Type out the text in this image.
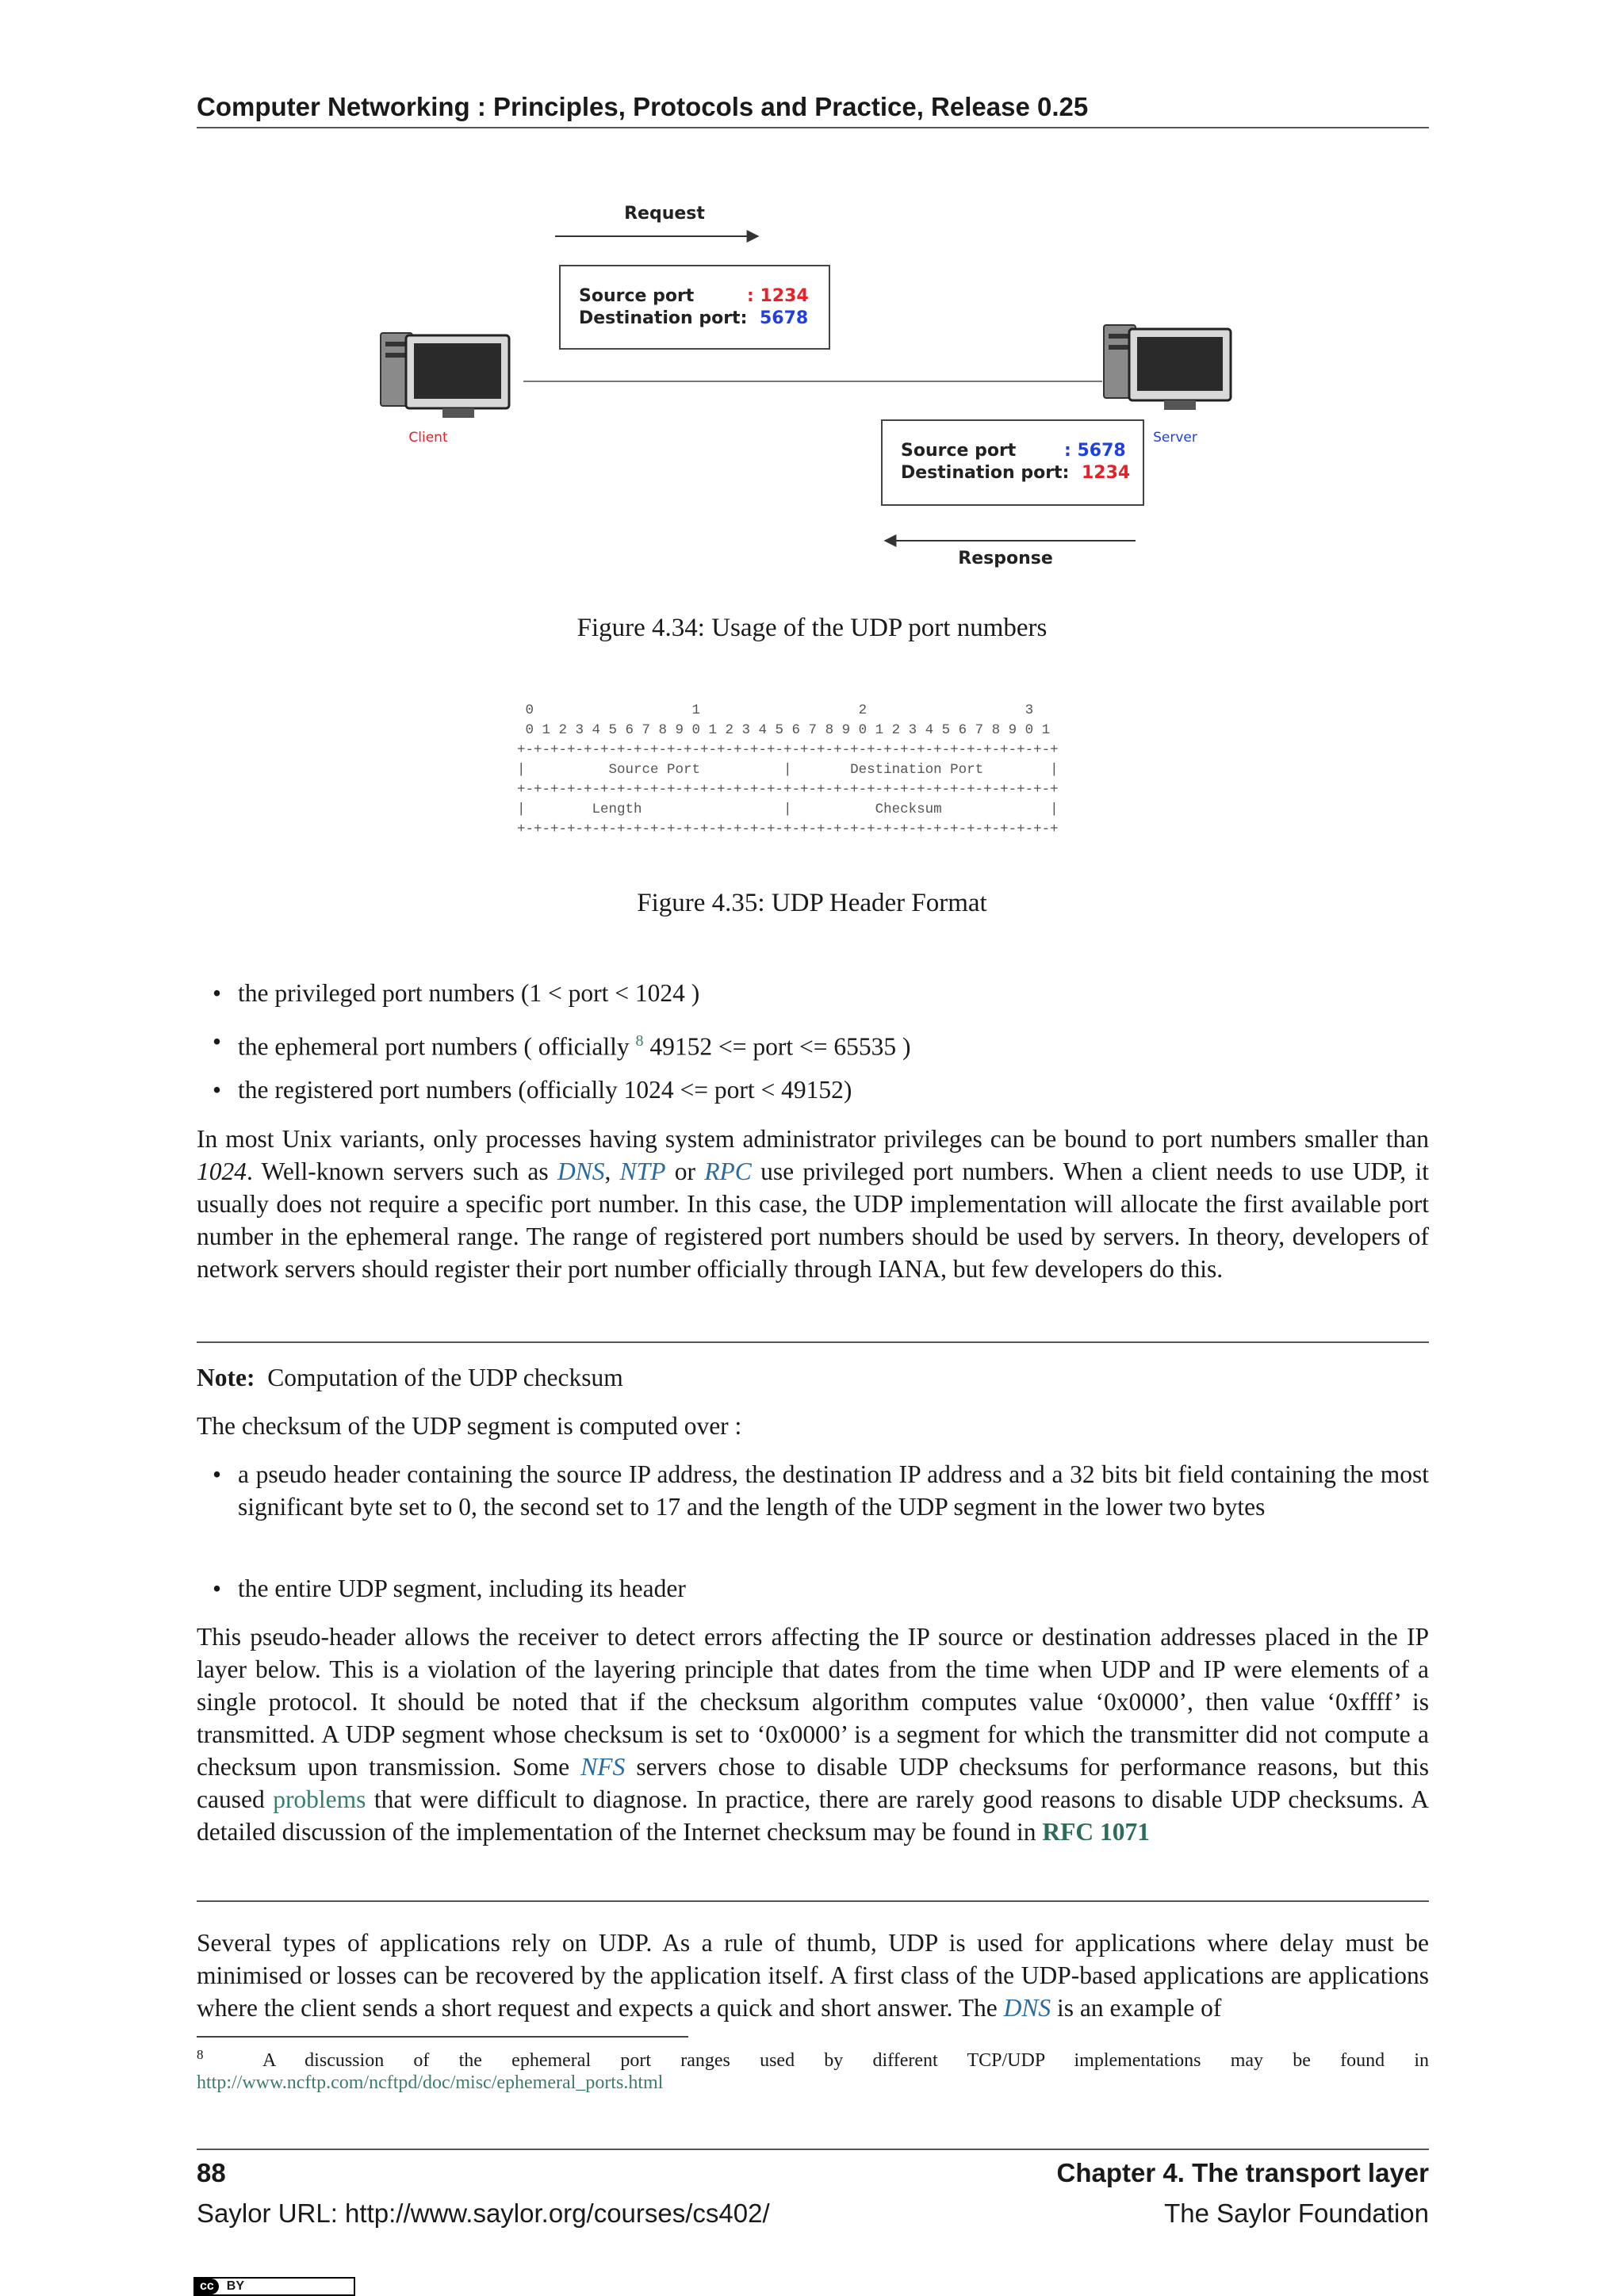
Computer Networking : Principles, Protocols and Practice, Release 0.25
Request
Source port	: 1234
Destination port: 5678
Client	Server
Source port	: 5678
Destination port: 1234
Response
Figure 4.34: Usage of the UDP port numbers
0                   1                   2                   3
0 1 2 3 4 5 6 7 8 9 0 1 2 3 4 5 6 7 8 9 0 1 2 3 4 5 6 7 8 9 0 1
+-+-+-+-+-+-+-+-+-+-+-+-+-+-+-+-+-+-+-+-+-+-+-+-+-+-+-+-+-+-+-+-+
|          Source Port          |       Destination Port        |
+-+-+-+-+-+-+-+-+-+-+-+-+-+-+-+-+-+-+-+-+-+-+-+-+-+-+-+-+-+-+-+-+
|        Length                 |          Checksum             |
+-+-+-+-+-+-+-+-+-+-+-+-+-+-+-+-+-+-+-+-+-+-+-+-+-+-+-+-+-+-+-+-+
Figure 4.35: UDP Header Format
• the privileged port numbers (1 < port < 1024 )
• the ephemeral port numbers ( officially $^8$ 49152 <= port <= 65535 )
• the registered port numbers (officially 1024 <= port < 49152)
In most Unix variants, only processes having system administrator privileges can be bound to port numbers smaller than 1024. Well-known servers such as DNS, NTP or RPC use privileged port numbers. When a client needs to use UDP, it usually does not require a specific port number. In this case, the UDP implementation will allocate the first available port number in the ephemeral range. The range of registered port numbers should be used by servers. In theory, developers of network servers should register their port number officially through IANA, but few developers do this.
Note: Computation of the UDP checksum
The checksum of the UDP segment is computed over :
• a pseudo header containing the source IP address, the destination IP address and a 32 bits bit field containing the most significant byte set to 0, the second set to 17 and the length of the UDP segment in the lower two bytes
• the entire UDP segment, including its header
This pseudo-header allows the receiver to detect errors affecting the IP source or destination addresses placed in the IP layer below. This is a violation of the layering principle that dates from the time when UDP and IP were elements of a single protocol. It should be noted that if the checksum algorithm computes value ‘0x0000’, then value ‘0xffff’ is transmitted. A UDP segment whose checksum is set to ‘0x0000’ is a segment for which the transmitter did not compute a checksum upon transmission. Some NFS servers chose to disable UDP checksums for performance reasons, but this caused problems that were difficult to diagnose. In practice, there are rarely good reasons to disable UDP checksums. A detailed discussion of the implementation of the Internet checksum may be found in RFC 1071
Several types of applications rely on UDP. As a rule of thumb, UDP is used for applications where delay must be minimised or losses can be recovered by the application itself. A first class of the UDP-based applications are applications where the client sends a short request and expects a quick and short answer. The DNS is an example of
$^8$	A discussion of the ephemeral port ranges used by different TCP/UDP implementations may be found in
http://www.ncftp.com/ncftpd/doc/misc/ephemeral_ports.html
88	Chapter 4. The transport layer
Saylor URL: http://www.saylor.org/courses/cs402/	The Saylor Foundation
cc	BY
